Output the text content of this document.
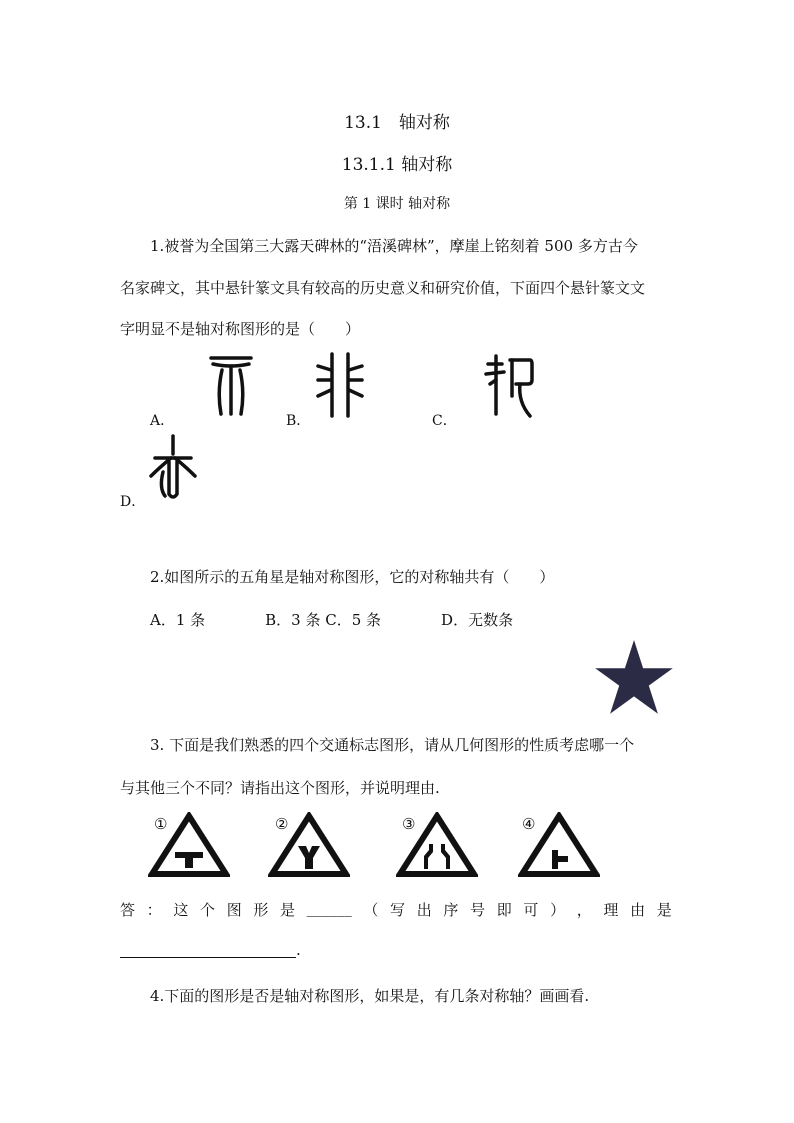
13.1　轴对称
13.1.1 轴对称
第 1 课时 轴对称
1.被誉为全国第三大露天碑林的“浯溪碑林”，摩崖上铭刻着 500 多方古今
名家碑文，其中悬针篆文具有较高的历史意义和研究价值，下面四个悬针篆文文
字明显不是轴对称图形的是（　　）
A．	B．	C．
D．
2.如图所示的五角星是轴对称图形，它的对称轴共有（　　）
A．1 条　　　　B．3 条 C．5 条　　　　D．无数条
3. 下面是我们熟悉的四个交通标志图形，请从几何图形的性质考虑哪一个
与其他三个不同？请指出这个图形，并说明理由.
①	②	③	④
答 ： 这 个 图 形 是 ______ （ 写 出 序 号 即 可 ） ， 理 由 是
.
4.下面的图形是否是轴对称图形，如果是，有几条对称轴？画画看.
